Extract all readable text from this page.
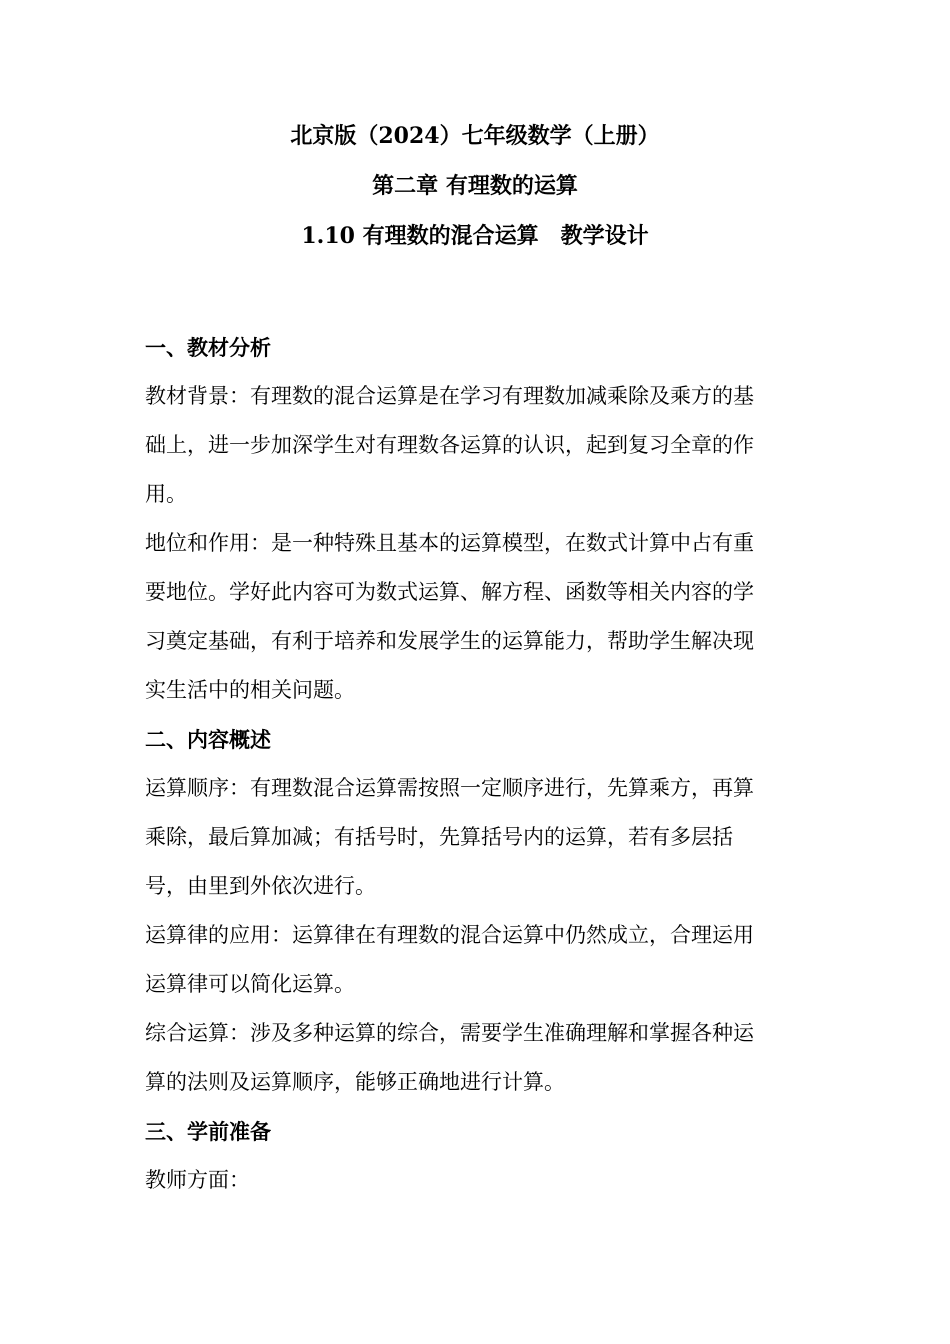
北京版（2024）七年级数学（上册）
第二章 有理数的运算
1.10 有理数的混合运算　教学设计
一、教材分析
教材背景：有理数的混合运算是在学习有理数加减乘除及乘方的基
础上，进一步加深学生对有理数各运算的认识，起到复习全章的作
用。
地位和作用：是一种特殊且基本的运算模型，在数式计算中占有重
要地位。学好此内容可为数式运算、解方程、函数等相关内容的学
习奠定基础，有利于培养和发展学生的运算能力，帮助学生解决现
实生活中的相关问题。
二、内容概述
运算顺序：有理数混合运算需按照一定顺序进行，先算乘方，再算
乘除，最后算加减；有括号时，先算括号内的运算，若有多层括
号，由里到外依次进行。
运算律的应用：运算律在有理数的混合运算中仍然成立，合理运用
运算律可以简化运算。
综合运算：涉及多种运算的综合，需要学生准确理解和掌握各种运
算的法则及运算顺序，能够正确地进行计算。
三、学前准备
教师方面：
